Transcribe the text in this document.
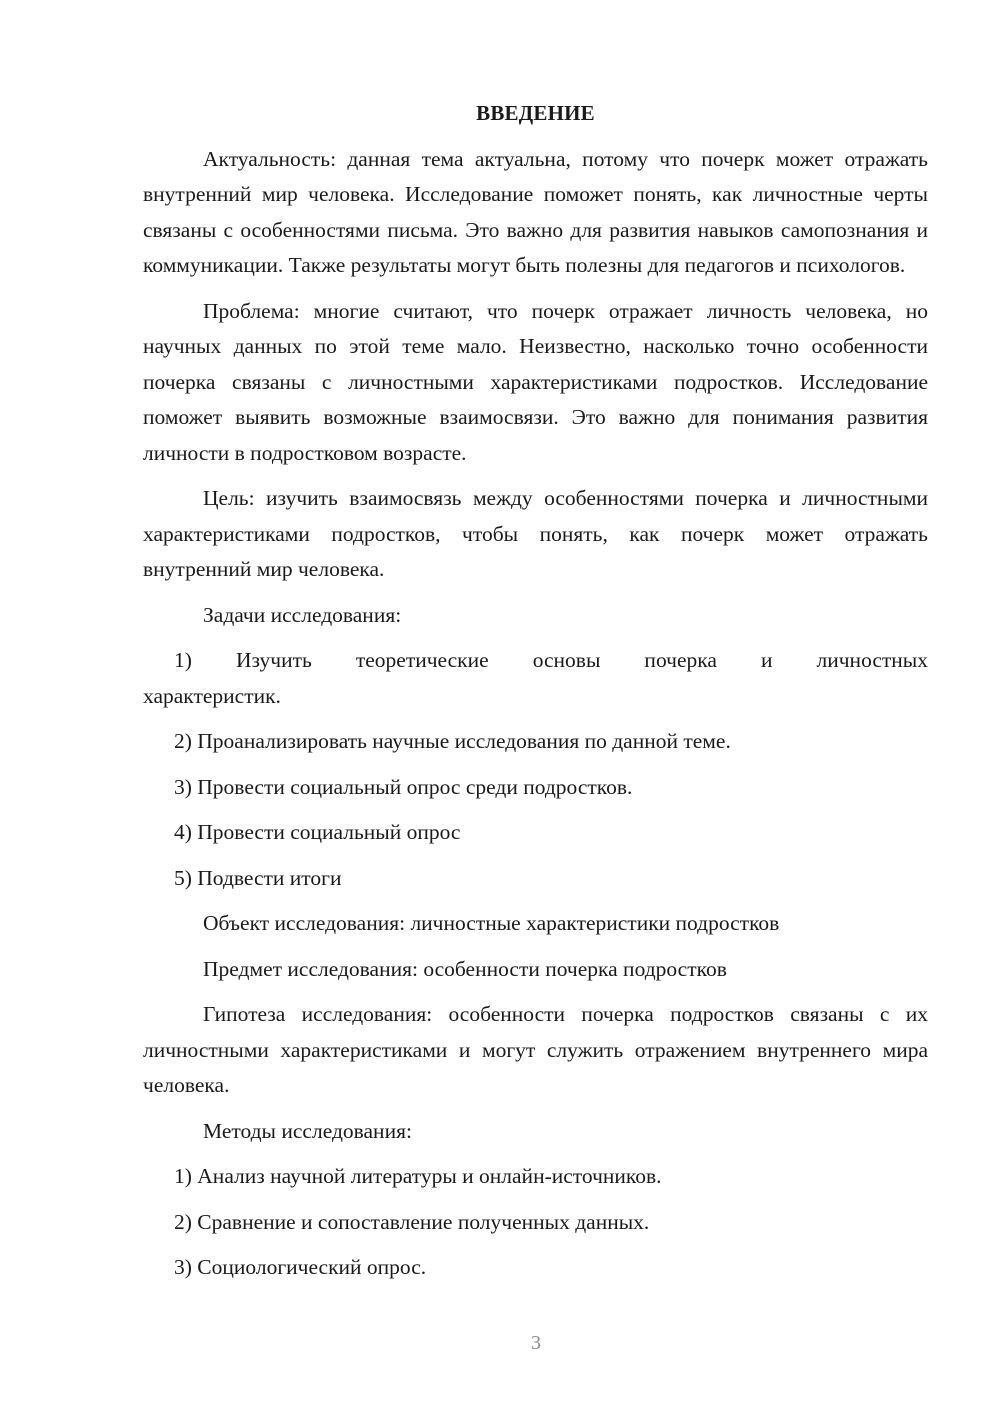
ВВЕДЕНИЕ

Актуальность: данная тема актуальна, потому что почерк может отражать внутренний мир человека. Исследование поможет понять, как личностные черты связаны с особенностями письма. Это важно для развития навыков самопознания и коммуникации. Также результаты могут быть полезны для педагогов и психологов.

Проблема: многие считают, что почерк отражает личность человека, но научных данных по этой теме мало. Неизвестно, насколько точно особенности почерка связаны с личностными характеристиками подростков. Исследование поможет выявить возможные взаимосвязи. Это важно для понимания развития личности в подростковом возрасте.

Цель: изучить взаимосвязь между особенностями почерка и личностными характеристиками подростков, чтобы понять, как почерк может отражать внутренний мир человека.

Задачи исследования:

1) Изучить теоретические основы почерка и личностных характеристик.

2) Проанализировать научные исследования по данной теме.

3) Провести социальный опрос среди подростков.

4) Провести социальный опрос

5) Подвести итоги

Объект исследования: личностные характеристики подростков

Предмет исследования: особенности почерка подростков

Гипотеза исследования: особенности почерка подростков связаны с их личностными характеристиками и могут служить отражением внутреннего мира человека.

Методы исследования:

1) Анализ научной литературы и онлайн-источников.

2) Сравнение и сопоставление полученных данных.

3) Социологический опрос.

3
